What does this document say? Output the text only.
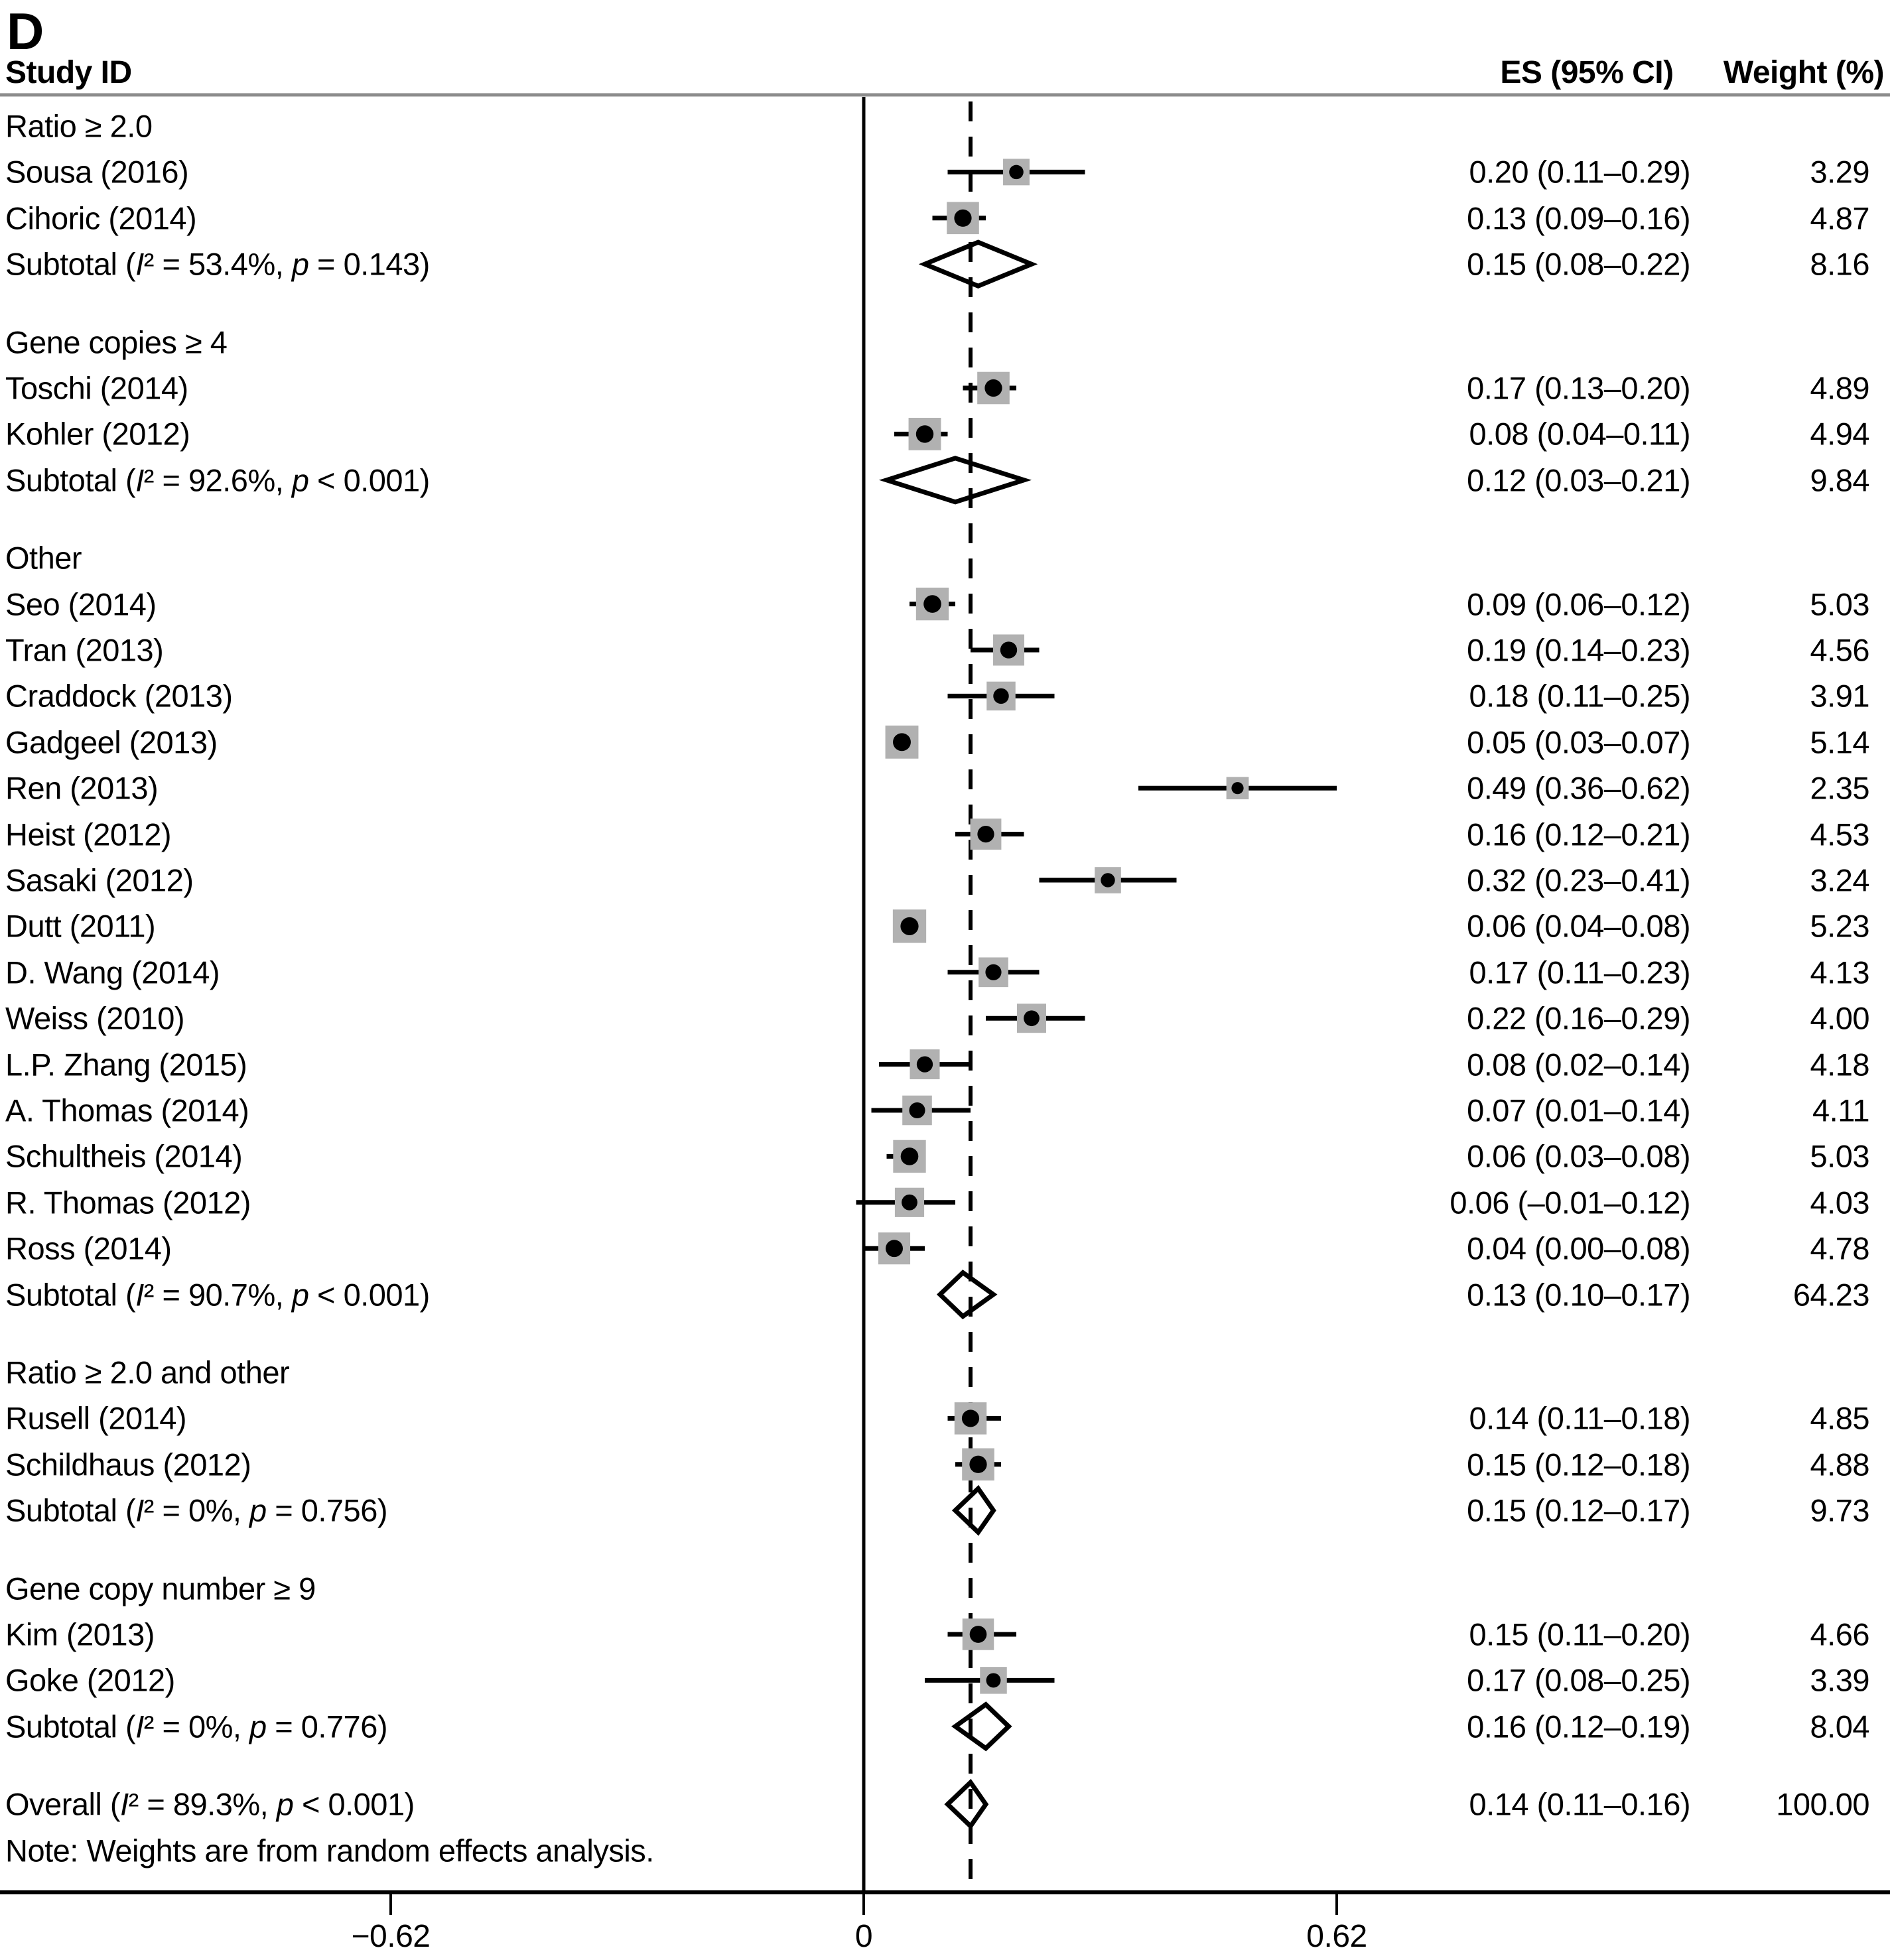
D
Study ID	ES (95% CI)	Weight (%)
Ratio ≥ 2.0
Sousa (2016)	0.20 (0.11–0.29)	3.29
Cihoric (2014)	0.13 (0.09–0.16)	4.87
Subtotal (I² = 53.4%, p = 0.143)	0.15 (0.08–0.22)	8.16
Gene copies ≥ 4
Toschi (2014)	0.17 (0.13–0.20)	4.89
Kohler (2012)	0.08 (0.04–0.11)	4.94
Subtotal (I² = 92.6%, p < 0.001)	0.12 (0.03–0.21)	9.84
Other
Seo (2014)	0.09 (0.06–0.12)	5.03
Tran (2013)	0.19 (0.14–0.23)	4.56
Craddock (2013)	0.18 (0.11–0.25)	3.91
Gadgeel (2013)	0.05 (0.03–0.07)	5.14
Ren (2013)	0.49 (0.36–0.62)	2.35
Heist (2012)	0.16 (0.12–0.21)	4.53
Sasaki (2012)	0.32 (0.23–0.41)	3.24
Dutt (2011)	0.06 (0.04–0.08)	5.23
D. Wang (2014)	0.17 (0.11–0.23)	4.13
Weiss (2010)	0.22 (0.16–0.29)	4.00
L.P. Zhang (2015)	0.08 (0.02–0.14)	4.18
A. Thomas (2014)	0.07 (0.01–0.14)	4.11
Schultheis (2014)	0.06 (0.03–0.08)	5.03
R. Thomas (2012)	0.06 (–0.01–0.12)	4.03
Ross (2014)	0.04 (0.00–0.08)	4.78
Subtotal (I² = 90.7%, p < 0.001)	0.13 (0.10–0.17)	64.23
Ratio ≥ 2.0 and other
Rusell (2014)	0.14 (0.11–0.18)	4.85
Schildhaus (2012)	0.15 (0.12–0.18)	4.88
Subtotal (I² = 0%, p = 0.756)	0.15 (0.12–0.17)	9.73
Gene copy number ≥ 9
Kim (2013)	0.15 (0.11–0.20)	4.66
Goke (2012)	0.17 (0.08–0.25)	3.39
Subtotal (I² = 0%, p = 0.776)	0.16 (0.12–0.19)	8.04
Overall (I² = 89.3%, p < 0.001)	0.14 (0.11–0.16)	100.00
Note: Weights are from random effects analysis.
−0.62	0	0.62
